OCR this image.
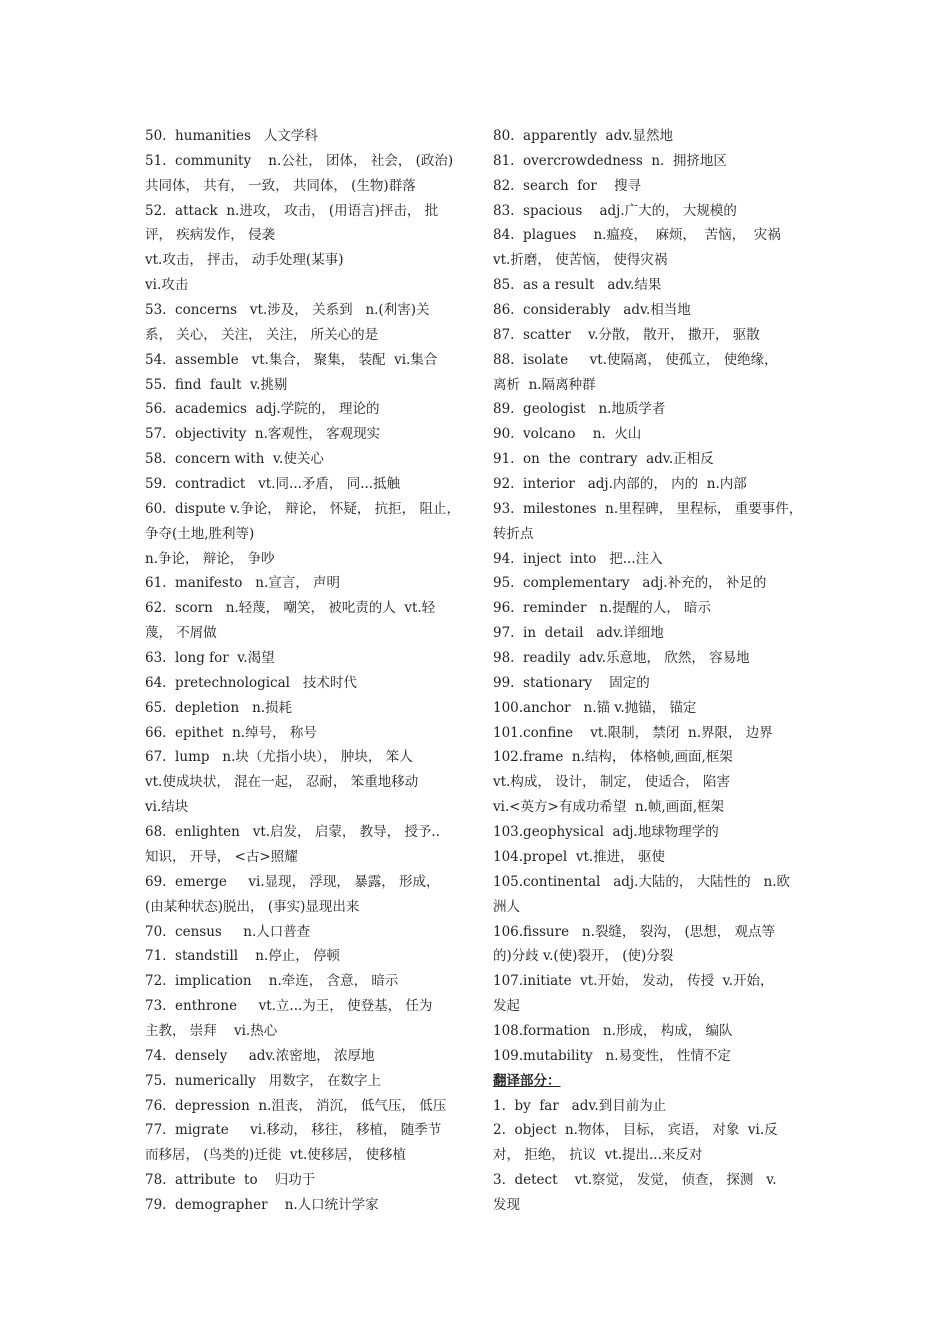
50.  humanities   人文学科
51.  community    n.公社， 团体， 社会， (政治)
共同体， 共有， 一致， 共同体， (生物)群落
52.  attack  n.进攻， 攻击， (用语言)抨击， 批
评， 疾病发作， 侵袭
vt.攻击， 抨击， 动手处理(某事)
vi.攻击
53.  concerns   vt.涉及， 关系到   n.(利害)关
系， 关心， 关注， 关注， 所关心的是
54.  assemble   vt.集合， 聚集， 装配  vi.集合
55.  find  fault  v.挑剔
56.  academics  adj.学院的， 理论的
57.  objectivity  n.客观性， 客观现实
58.  concern with  v.使关心
59.  contradict   vt.同...矛盾， 同...抵触
60.  dispute v.争论， 辩论， 怀疑， 抗拒， 阻止，
争夺(土地,胜利等)
n.争论， 辩论， 争吵
61.  manifesto   n.宣言， 声明
62.  scorn   n.轻蔑， 嘲笑， 被叱责的人  vt.轻
蔑， 不屑做
63.  long for  v.渴望
64.  pretechnological   技术时代
65.  depletion   n.损耗
66.  epithet  n.绰号， 称号
67.  lump   n.块（尤指小块）， 肿块， 笨人
vt.使成块状， 混在一起， 忍耐， 笨重地移动
vi.结块
68.  enlighten   vt.启发， 启蒙， 教导， 授予..
知识， 开导， <古>照耀
69.  emerge     vi.显现， 浮现， 暴露， 形成，
(由某种状态)脱出， (事实)显现出来
70.  census     n.人口普查
71.  standstill    n.停止， 停顿
72.  implication    n.牵连， 含意， 暗示
73.  enthrone     vt.立...为王， 使登基， 任为
主教， 崇拜    vi.热心
74.  densely     adv.浓密地， 浓厚地
75.  numerically   用数字， 在数字上
76.  depression  n.沮丧， 消沉， 低气压， 低压
77.  migrate     vi.移动， 移往， 移植， 随季节
而移居， (鸟类的)迁徙  vt.使移居， 使移植
78.  attribute  to    归功于
79.  demographer    n.人口统计学家
80.  apparently  adv.显然地
81.  overcrowdedness  n.  拥挤地区
82.  search  for    搜寻
83.  spacious    adj.广大的， 大规模的
84.  plagues    n.瘟疫，  麻烦，  苦恼，  灾祸
vt.折磨， 使苦恼， 使得灾祸
85.  as a result   adv.结果
86.  considerably   adv.相当地
87.  scatter    v.分散， 散开， 撒开， 驱散
88.  isolate     vt.使隔离， 使孤立， 使绝缘，
离析  n.隔离种群
89.  geologist   n.地质学者
90.  volcano    n.  火山
91.  on  the  contrary  adv.正相反
92.  interior   adj.内部的， 内的  n.内部
93.  milestones  n.里程碑， 里程标， 重要事件，
转折点
94.  inject  into   把...注入
95.  complementary   adj.补充的， 补足的
96.  reminder   n.提醒的人， 暗示
97.  in  detail   adv.详细地
98.  readily  adv.乐意地， 欣然， 容易地
99.  stationary    固定的
100.anchor   n.锚 v.抛锚， 锚定
101.confine    vt.限制， 禁闭  n.界限， 边界
102.frame  n.结构， 体格帧,画面,框架
vt.构成， 设计， 制定， 使适合， 陷害
vi.<英方>有成功希望  n.帧,画面,框架
103.geophysical  adj.地球物理学的
104.propel  vt.推进， 驱使
105.continental   adj.大陆的， 大陆性的   n.欧
洲人
106.fissure   n.裂缝， 裂沟， (思想， 观点等
的)分歧 v.(使)裂开， (使)分裂
107.initiate  vt.开始， 发动， 传授  v.开始，
发起
108.formation   n.形成， 构成， 编队
109.mutability   n.易变性， 性情不定
翻译部分：
1.  by  far   adv.到目前为止
2.  object  n.物体， 目标， 宾语， 对象  vi.反
对， 拒绝， 抗议  vt.提出...来反对
3.  detect    vt.察觉， 发觉， 侦查， 探测   v.
发现
